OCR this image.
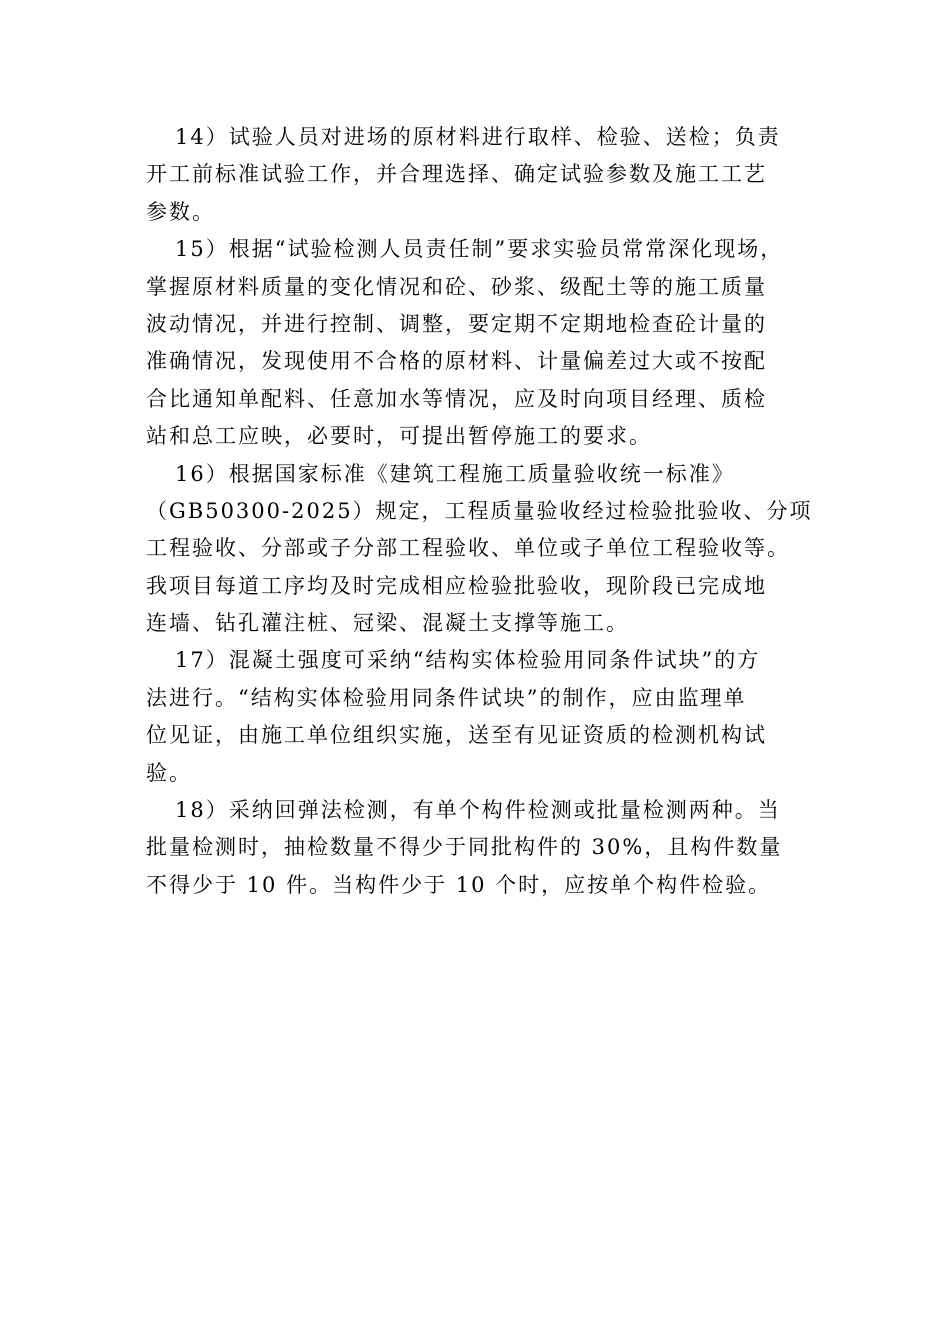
14）试验人员对进场的原材料进行取样、检验、送检；负责
开工前标准试验工作，并合理选择、确定试验参数及施工工艺
参数。
15）根据“试验检测人员责任制”要求实验员常常深化现场，
掌握原材料质量的变化情况和砼、砂浆、级配土等的施工质量
波动情况，并进行控制、调整，要定期不定期地检查砼计量的
准确情况，发现使用不合格的原材料、计量偏差过大或不按配
合比通知单配料、任意加水等情况，应及时向项目经理、质检
站和总工应映，必要时，可提出暂停施工的要求。
16）根据国家标准《建筑工程施工质量验收统一标准》
（GB50300-2025）规定，工程质量验收经过检验批验收、分项
工程验收、分部或子分部工程验收、单位或子单位工程验收等。
我项目每道工序均及时完成相应检验批验收，现阶段已完成地
连墙、钻孔灌注桩、冠梁、混凝土支撑等施工。
17）混凝土强度可采纳“结构实体检验用同条件试块”的方
法进行。“结构实体检验用同条件试块”的制作，应由监理单
位见证，由施工单位组织实施，送至有见证资质的检测机构试
验。
18）采纳回弹法检测，有单个构件检测或批量检测两种。当
批量检测时，抽检数量不得少于同批构件的 30%，且构件数量
不得少于 10 件。当构件少于 10 个时，应按单个构件检验。
